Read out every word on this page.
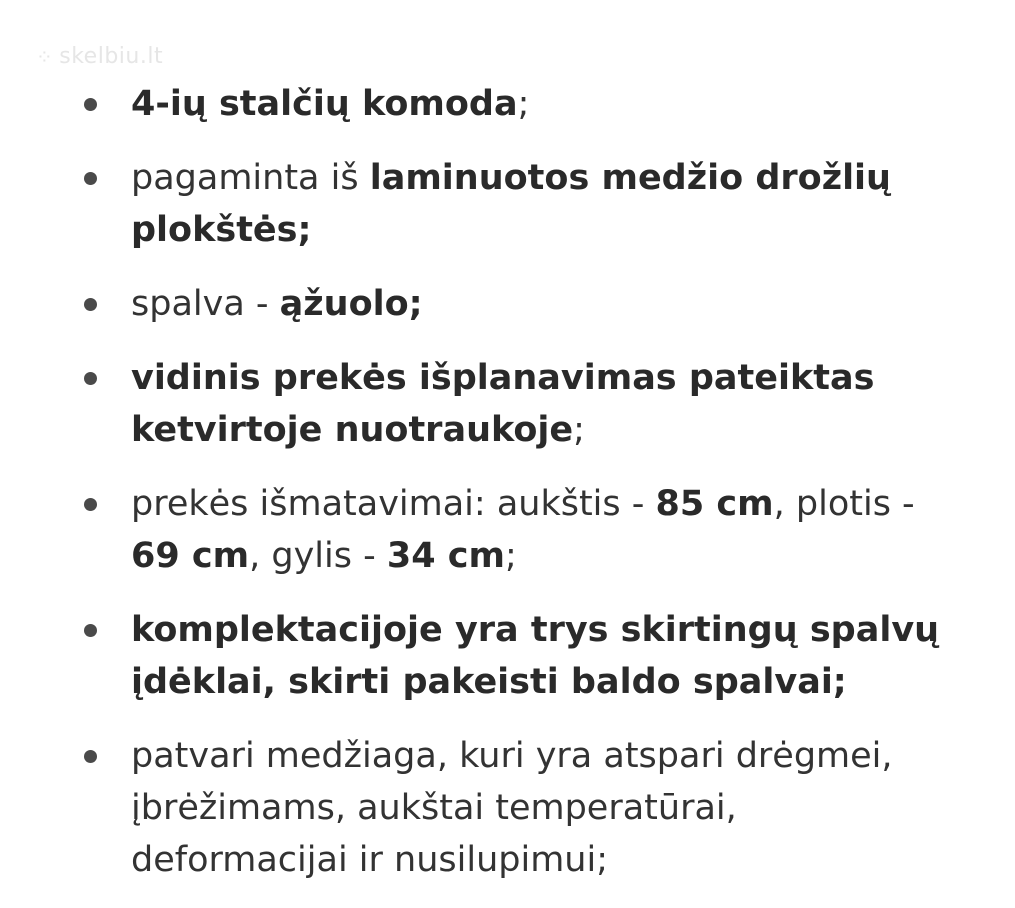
⁘ skelbiu.lt
4-ių stalčių komoda;
pagaminta iš laminuotos medžio drožlių plokštės;
spalva - ąžuolo;
vidinis prekės išplanavimas pateiktas ketvirtoje nuotraukoje;
prekės išmatavimai: aukštis - 85 cm, plotis - 69 cm, gylis - 34 cm;
komplektacijoje yra trys skirtingų spalvų įdėklai, skirti pakeisti baldo spalvai;
patvari medžiaga, kuri yra atspari drėgmei, įbrėžimams, aukštai temperatūrai, deformacijai ir nusilupimui;
